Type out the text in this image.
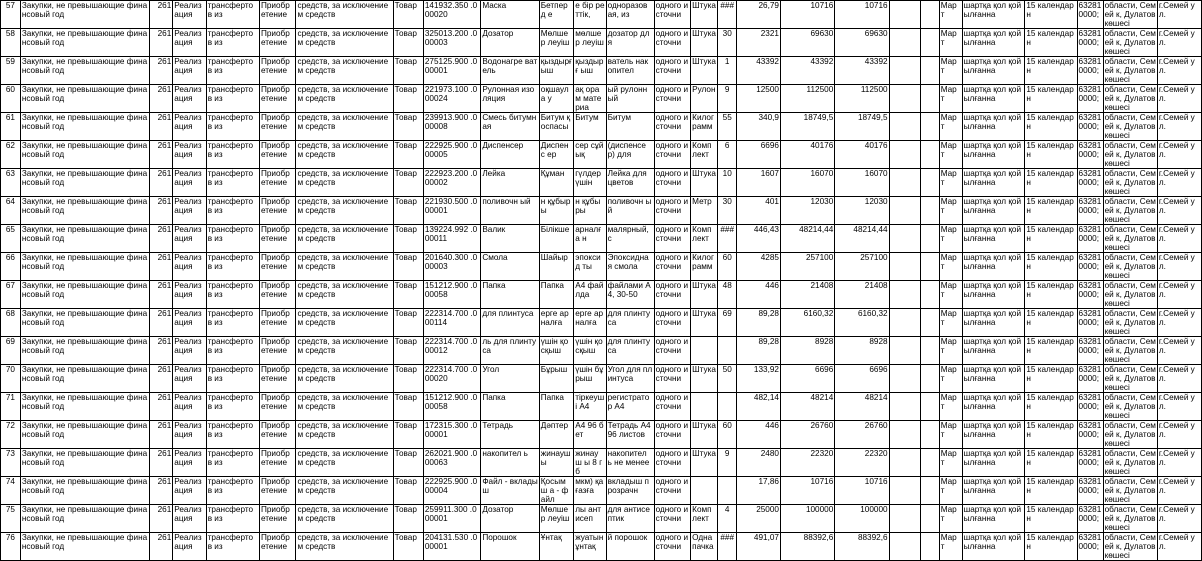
57	Закупки, не превышающие финансовый год	261	Реализ ация	трансферто в из	Приобр етение	средств, за исключением средств	Товар	141932.350 .000020	Маска	Бетперд е	е бір реттік,	одноразов ая, из	одного источни	Штука	###	26,79	10716	10716			Мар т	шартқа қол қойылғанна	15 календарн	63281 0000;	области, Семей к, Дулатов көшесі	г.Семей ул.
58	Закупки, не превышающие финансовый год	261	Реализ ация	трансферто в из	Приобр етение	средств, за исключением средств	Товар	325013.200 .000003	Дозатор	Мөлшер леуіш	мөлшер леуіш	дозатор для	одного источни	Штука	30	2321	69630	69630			Мар т	шартқа қол қойылғанна	15 календарн	63281 0000;	области, Семей к, Дулатов көшесі	г.Семей ул.
59	Закупки, не превышающие финансовый год	261	Реализ ация	трансферто в из	Приобр етение	средств, за исключением средств	Товар	275125.900 .000001	Водонагре ватель	қыздырғ ыш	қыздырғ ыш	ватель накопител	одного источни	Штука	1	43392	43392	43392			Мар т	шартқа қол қойылғанна	15 календарн	63281 0000;	области, Семей к, Дулатов көшесі	г.Семей ул.
60	Закупки, не превышающие финансовый год	261	Реализ ация	трансферто в из	Приобр етение	средств, за исключением средств	Товар	221973.100 .000024	Рулонная изоляция	оқшаула у	ақ орам материа	ый рулонный	одного источни	Рулон	9	12500	112500	112500			Мар т	шартқа қол қойылғанна	15 календарн	63281 0000;	области, Семей к, Дулатов көшесі	г.Семей ул.
61	Закупки, не превышающие финансовый год	261	Реализ ация	трансферто в из	Приобр етение	средств, за исключением средств	Товар	239913.900 .000008	Смесь битумная	Битум қоспасы	Битум	Битум	одного источни	Килог рамм	55	340,9	18749,5	18749,5			Мар т	шартқа қол қойылғанна	15 календарн	63281 0000;	области, Семей к, Дулатов көшесі	г.Семей ул.
62	Закупки, не превышающие финансовый год	261	Реализ ация	трансферто в из	Приобр етение	средств, за исключением средств	Товар	222925.900 .000005	Диспенсер	Диспенс ер	сер сұйық	(диспенсе р) для	одного источни	Комп лект	6	6696	40176	40176			Мар т	шартқа қол қойылғанна	15 календарн	63281 0000;	области, Семей к, Дулатов көшесі	г.Семей ул.
63	Закупки, не превышающие финансовый год	261	Реализ ация	трансферто в из	Приобр етение	средств, за исключением средств	Товар	222923.200 .000002	Лейка	Құман	гүлдер үшін	Лейка для цветов	одного источни	Штука	10	1607	16070	16070			Мар т	шартқа қол қойылғанна	15 календарн	63281 0000;	области, Семей к, Дулатов көшесі	г.Семей ул.
64	Закупки, не превышающие финансовый год	261	Реализ ация	трансферто в из	Приобр етение	средств, за исключением средств	Товар	221930.500 .000001	поливочн ый	н құбыры	н құбыры	поливочн ый	одного источни	Метр	30	401	12030	12030			Мар т	шартқа қол қойылғанна	15 календарн	63281 0000;	области, Семей к, Дулатов көшесі	г.Семей ул.
65	Закупки, не превышающие финансовый год	261	Реализ ация	трансферто в из	Приобр етение	средств, за исключением средств	Товар	139224.992 .000011	Валик	Білікше	арналға н	малярный, с	одного источни	Комп лект	###	446,43	48214,44	48214,44			Мар т	шартқа қол қойылғанна	15 календарн	63281 0000;	области, Семей к, Дулатов көшесі	г.Семей ул.
66	Закупки, не превышающие финансовый год	261	Реализ ация	трансферто в из	Приобр етение	средств, за исключением средств	Товар	201640.300 .000003	Смола	Шайыр	эпоксид ты	Эпоксидна я смола	одного источни	Килог рамм	60	4285	257100	257100			Мар т	шартқа қол қойылғанна	15 календарн	63281 0000;	области, Семей к, Дулатов көшесі	г.Семей ул.
67	Закупки, не превышающие финансовый год	261	Реализ ация	трансферто в из	Приобр етение	средств, за исключением средств	Товар	151212.900 .000058	Папка	Папка	А4 файлда	файлами А4, 30-50	одного источни	Штука	48	446	21408	21408			Мар т	шартқа қол қойылғанна	15 календарн	63281 0000;	области, Семей к, Дулатов көшесі	г.Семей ул.
68	Закупки, не превышающие финансовый год	261	Реализ ация	трансферто в из	Приобр етение	средств, за исключением средств	Товар	222314.700 .000114	для плинтуса	ерге арналға	ерге арналға	для плинтуса	одного источни	Штука	69	89,28	6160,32	6160,32			Мар т	шартқа қол қойылғанна	15 календарн	63281 0000;	области, Семей к, Дулатов көшесі	г.Семей ул.
69	Закупки, не превышающие финансовый год	261	Реализ ация	трансферто в из	Приобр етение	средств, за исключением средств	Товар	222314.700 .000012	ль для плинтуса	үшін қосқыш	үшін қосқыш	для плинтуса	одного источни			89,28	8928	8928			Мар т	шартқа қол қойылғанна	15 календарн	63281 0000;	области, Семей к, Дулатов көшесі	г.Семей ул.
70	Закупки, не превышающие финансовый год	261	Реализ ация	трансферто в из	Приобр етение	средств, за исключением средств	Товар	222314.700 .000020	Угол	Бұрыш	үшін бұрыш	Угол для плинтуса	одного источни	Штука	50	133,92	6696	6696			Мар т	шартқа қол қойылғанна	15 календарн	63281 0000;	области, Семей к, Дулатов көшесі	г.Семей ул.
71	Закупки, не превышающие финансовый год	261	Реализ ация	трансферто в из	Приобр етение	средств, за исключением средств	Товар	151212.900 .000058	Папка	Папка	тіркеуші А4	регистрато р А4	одного источни			482,14	48214	48214			Мар т	шартқа қол қойылғанна	15 календарн	63281 0000;	области, Семей к, Дулатов көшесі	г.Семей ул.
72	Закупки, не превышающие финансовый год	261	Реализ ация	трансферто в из	Приобр етение	средств, за исключением средств	Товар	172315.300 .000001	Тетрадь	Дәптер	А4 96 бет	Тетрадь А4 96 листов	одного источни	Штука	60	446	26760	26760			Мар т	шартқа қол қойылғанна	15 календарн	63281 0000;	области, Семей к, Дулатов көшесі	г.Семей ул.
73	Закупки, не превышающие финансовый год	261	Реализ ация	трансферто в из	Приобр етение	средств, за исключением средств	Товар	262021.900 .000063	накопител ь	жинауш ы	жинауш ы 8 гб	накопител ь не менее	одного источни	Штука	9	2480	22320	22320			Мар т	шартқа қол қойылғанна	15 календарн	63281 0000;	области, Семей к, Дулатов көшесі	г.Семей ул.
74	Закупки, не превышающие финансовый год	261	Реализ ация	трансферто в из	Приобр етение	средств, за исключением средств	Товар	222925.900 .000004	Файл - вкладыш	Қосымш а - файл	мкм) қағазға	вкладыш прозрачн	одного источни			17,86	10716	10716			Мар т	шартқа қол қойылғанна	15 календарн	63281 0000;	области, Семей к, Дулатов көшесі	г.Семей ул.
75	Закупки, не превышающие финансовый год	261	Реализ ация	трансферто в из	Приобр етение	средств, за исключением средств	Товар	259911.300 .000001	Дозатор	Мөлшер леуіш	лы антисеп	для антисептик	одного источни	Комп лект	4	25000	100000	100000			Мар т	шартқа қол қойылғанна	15 календарн	63281 0000;	области, Семей к, Дулатов көшесі	г.Семей ул.
76	Закупки, не превышающие финансовый год	261	Реализ ация	трансферто в из	Приобр етение	средств, за исключением средств	Товар	204131.530 .000001	Порошок	Ұнтақ	жуатын ұнтақ	й порошок	одного источни	Одна пачка	###	491,07	88392,6	88392,6			Мар т	шартқа қол қойылғанна	15 календарн	63281 0000;	области, Семей к, Дулатов көшесі	г.Семей ул.
